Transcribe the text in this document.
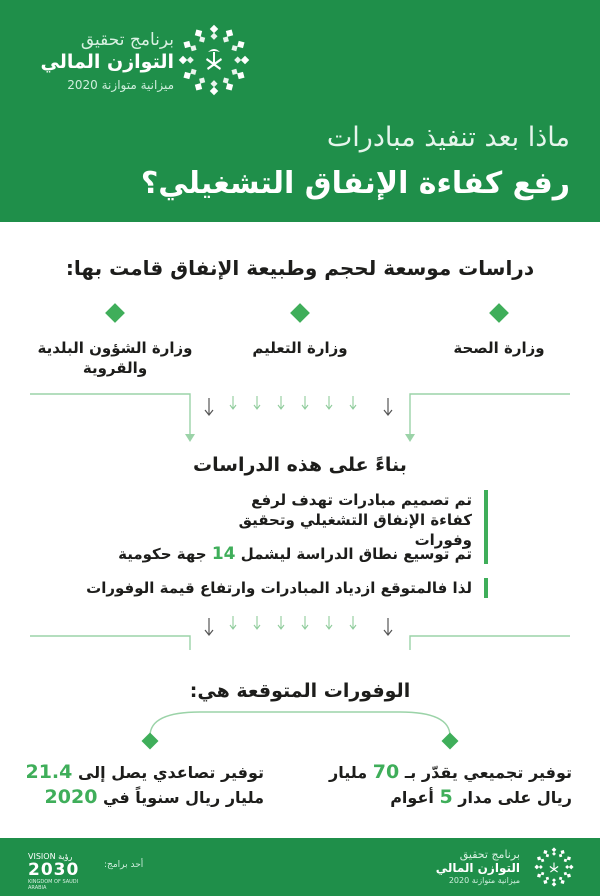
برنامج تحقيق
التوازن المالي
ميزانية متوازنة 2020
ماذا بعد تنفيذ مبادرات
رفع كفاءة الإنفاق التشغيلي؟
دراسات موسعة لحجم وطبيعة الإنفاق قامت بها:
وزارة الصحة
وزارة التعليم
وزارة الشؤون البلدية والقروية
بناءً على هذه الدراسات
تم تصميم مبادرات تهدف لرفع كفاءة الإنفاق التشغيلي وتحقيق وفورات
تم توسيع نطاق الدراسة ليشمل 14 جهة حكومية
لذا فالمتوقع ازدياد المبادرات وارتفاع قيمة الوفورات
الوفورات المتوقعة هي:
توفير تجميعي يقدّر بـ 70 مليار ريال على مدار 5 أعوام
توفير تصاعدي يصل إلى 21.4 مليار ريال سنوياً في 2020
برنامج تحقيق
التوازن المالي
ميزانية متوازنة 2020
أحد برامج:
VISION رؤية
2030
KINGDOM OF SAUDI ARABIA
